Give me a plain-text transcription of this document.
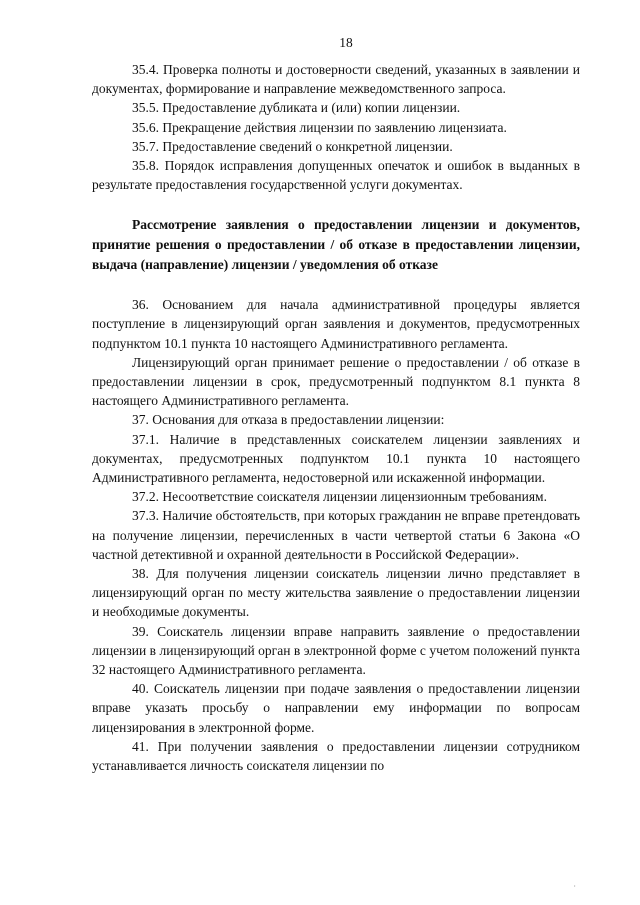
18

35.4. Проверка полноты и достоверности сведений, указанных в заявлении и документах, формирование и направление межведомственного запроса.

35.5. Предоставление дубликата и (или) копии лицензии.

35.6. Прекращение действия лицензии по заявлению лицензиата.

35.7. Предоставление сведений о конкретной лицензии.

35.8. Порядок исправления допущенных опечаток и ошибок в выданных в результате предоставления государственной услуги документах.

Рассмотрение заявления о предоставлении лицензии и документов, принятие решения о предоставлении / об отказе в предоставлении лицензии, выдача (направление) лицензии / уведомления об отказе

36. Основанием для начала административной процедуры является поступление в лицензирующий орган заявления и документов, предусмотренных подпунктом 10.1 пункта 10 настоящего Административного регламента.

Лицензирующий орган принимает решение о предоставлении / об отказе в предоставлении лицензии в срок, предусмотренный подпунктом 8.1 пункта 8 настоящего Административного регламента.

37. Основания для отказа в предоставлении лицензии:

37.1. Наличие в представленных соискателем лицензии заявлениях и документах, предусмотренных подпунктом 10.1 пункта 10 настоящего Административного регламента, недостоверной или искаженной информации.

37.2. Несоответствие соискателя лицензии лицензионным требованиям.

37.3. Наличие обстоятельств, при которых гражданин не вправе претендовать на получение лицензии, перечисленных в части четвертой статьи 6 Закона «О частной детективной и охранной деятельности в Российской Федерации».

38. Для получения лицензии соискатель лицензии лично представляет в лицензирующий орган по месту жительства заявление о предоставлении лицензии и необходимые документы.

39. Соискатель лицензии вправе направить заявление о предоставлении лицензии в лицензирующий орган в электронной форме с учетом положений пункта 32 настоящего Административного регламента.

40. Соискатель лицензии при подаче заявления о предоставлении лицензии вправе указать просьбу о направлении ему информации по вопросам лицензирования в электронной форме.

41. При получении заявления о предоставлении лицензии сотрудником устанавливается личность соискателя лицензии по

·
